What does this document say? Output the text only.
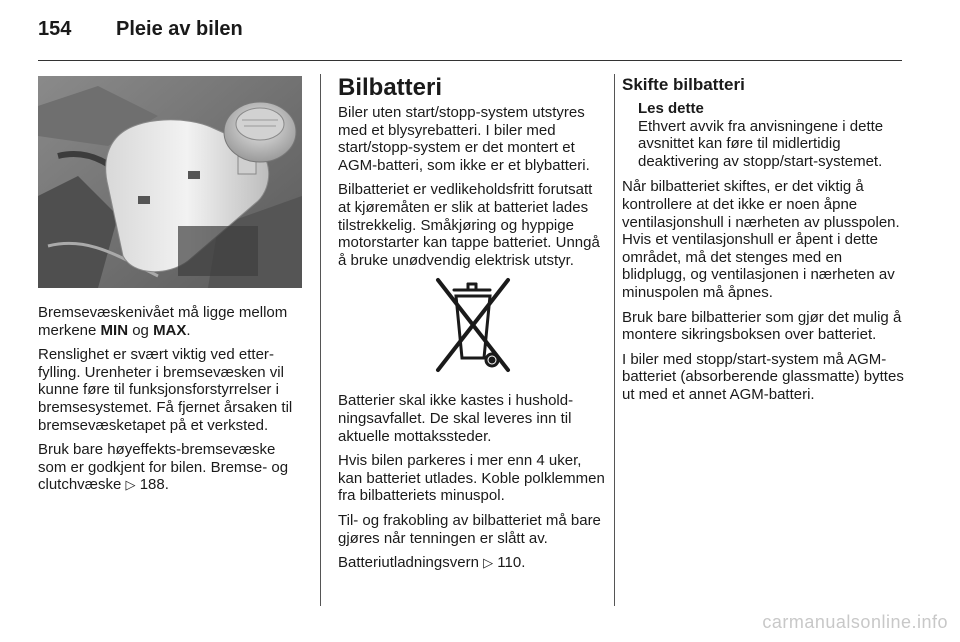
154 Pleie av bilen

Bremsevæskenivået må ligge mellom merkene MIN og MAX.

Renslighet er svært viktig ved etterfylling. Urenheter i bremsevæsken vil kunne føre til funksjonsforstyrrelser i bremsesystemet. Få fjernet årsaken til bremsevæsketapet på et verksted.

Bruk bare høyeffekts-bremsevæske som er godkjent for bilen. Bremse- og clutchvæske ▷ 188.

Bilbatteri

Biler uten start/stopp-system utstyres med et blysyrebatteri. I biler med start/stopp-system er det montert et AGM-batteri, som ikke er et blybatteri.

Bilbatteriet er vedlikeholdsfritt forutsatt at kjøremåten er slik at batteriet lades tilstrekkelig. Småkjøring og hyppige motorstarter kan tappe batteriet. Unngå å bruke unødvendig elektrisk utstyr.

Batterier skal ikke kastes i husholdningsavfallet. De skal leveres inn til aktuelle mottakssteder.

Hvis bilen parkeres i mer enn 4 uker, kan batteriet utlades. Koble polklemmen fra bilbatteriets minuspol.

Til- og frakobling av bilbatteriet må bare gjøres når tenningen er slått av.

Batteriutladningsvern ▷ 110.

Skifte bilbatteri
Les dette
Ethvert avvik fra anvisningene i dette avsnittet kan føre til midlertidig deaktivering av stopp/start-systemet.

Når bilbatteriet skiftes, er det viktig å kontrollere at det ikke er noen åpne ventilasjonshull i nærheten av plusspolen. Hvis et ventilasjonshull er åpent i dette området, må det stenges med en blidplugg, og ventilasjonen i nærheten av minuspolen må åpnes.

Bruk bare bilbatterier som gjør det mulig å montere sikringsboksen over batteriet.

I biler med stopp/start-system må AGM-batteriet (absorberende glassmatte) byttes ut med et annet AGM-batteri.

carmanualsonline.info
